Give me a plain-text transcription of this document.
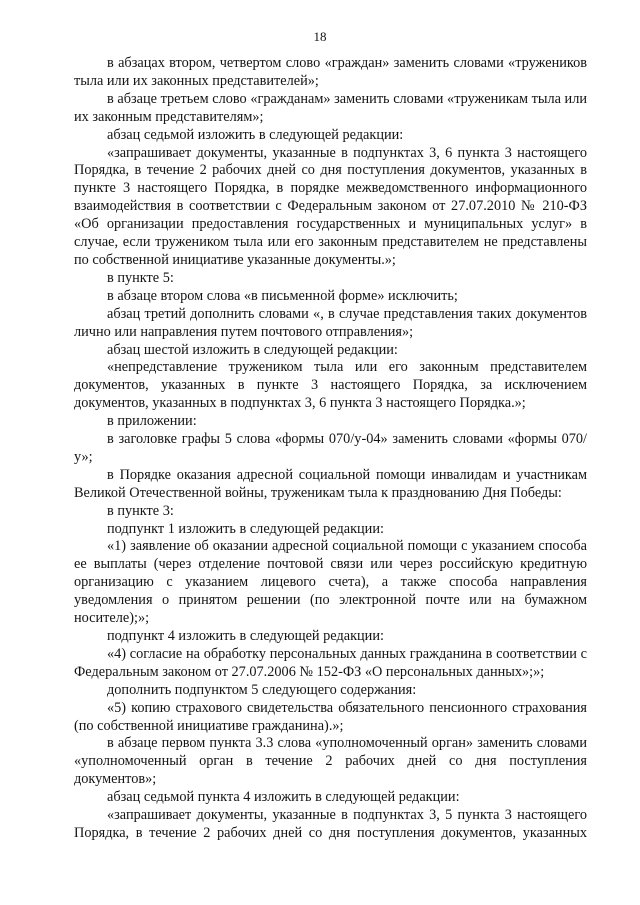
18

в абзацах втором, четвертом слово «граждан» заменить словами «тружеников тыла или их законных представителей»;

в абзаце третьем слово «гражданам» заменить словами «труженикам тыла или их законным представителям»;

абзац седьмой изложить в следующей редакции:

«запрашивает документы, указанные в подпунктах 3, 6 пункта 3 настоящего Порядка, в течение 2 рабочих дней со дня поступления документов, указанных в пункте 3 настоящего Порядка, в порядке межведомственного информационного взаимодействия в соответствии с Федеральным законом от 27.07.2010 № 210-ФЗ «Об организации предоставления государственных и муниципальных услуг» в случае, если тружеником тыла или его законным представителем не представлены по собственной инициативе указанные документы.»;

в пункте 5:

в абзаце втором слова «в письменной форме» исключить;

абзац третий дополнить словами «, в случае представления таких документов лично или направления путем почтового отправления»;

абзац шестой изложить в следующей редакции:

«непредставление тружеником тыла или его законным представителем документов, указанных в пункте 3 настоящего Порядка, за исключением документов, указанных в подпунктах 3, 6 пункта 3 настоящего Порядка.»;

в приложении:

в заголовке графы 5 слова «формы 070/у-04» заменить словами «формы 070/у»;

в Порядке оказания адресной социальной помощи инвалидам и участникам Великой Отечественной войны, труженикам тыла к празднованию Дня Победы:

в пункте 3:

подпункт 1 изложить в следующей редакции:

«1) заявление об оказании адресной социальной помощи с указанием способа ее выплаты (через отделение почтовой связи или через российскую кредитную организацию с указанием лицевого счета), а также способа направления уведомления о принятом решении (по электронной почте или на бумажном носителе);»;

подпункт 4 изложить в следующей редакции:

«4) согласие на обработку персональных данных гражданина в соответствии с Федеральным законом от 27.07.2006 № 152-ФЗ «О персональных данных»;»;

дополнить подпунктом 5 следующего содержания:

«5) копию страхового свидетельства обязательного пенсионного страхования (по собственной инициативе гражданина).»;

в абзаце первом пункта 3.3 слова «уполномоченный орган» заменить словами «уполномоченный орган в течение 2 рабочих дней со дня поступления документов»;

абзац седьмой пункта 4 изложить в следующей редакции:

«запрашивает документы, указанные в подпунктах 3, 5 пункта 3 настоящего Порядка, в течение 2 рабочих дней со дня поступления документов, указанных
